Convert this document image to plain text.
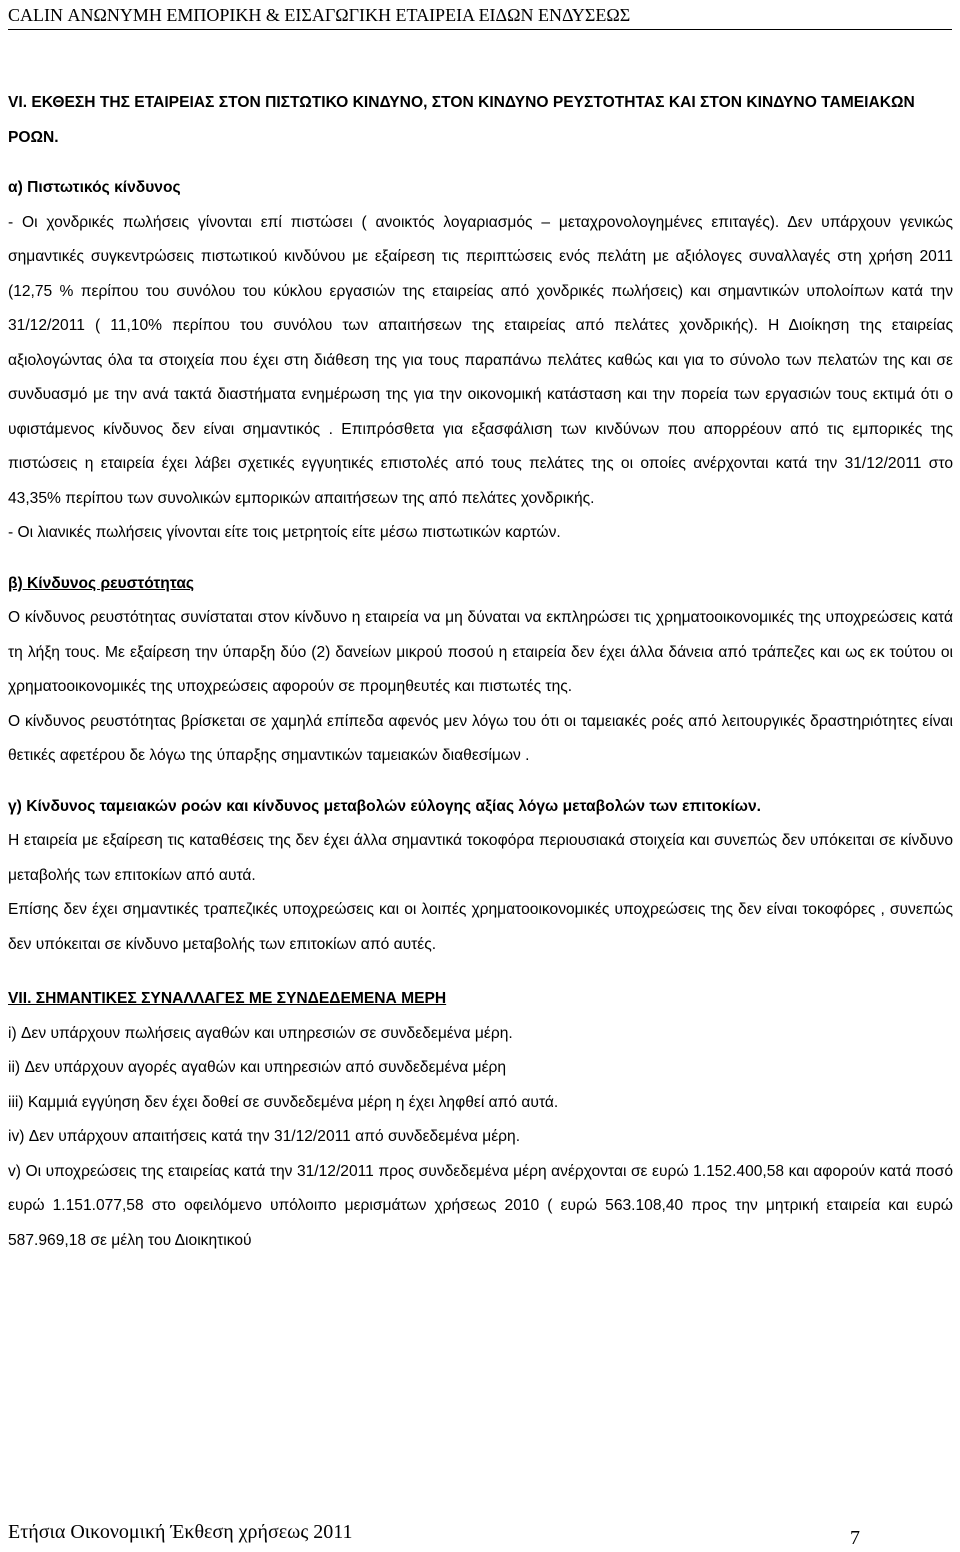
CALIN ΑΝΩΝΥΜΗ ΕΜΠΟΡΙΚΗ & ΕΙΣΑΓΩΓΙΚΗ ΕΤΑΙΡΕΙΑ ΕΙΔΩΝ ΕΝΔΥΣΕΩΣ

VI. ΕΚΘΕΣΗ ΤΗΣ ΕΤΑΙΡΕΙΑΣ ΣΤΟΝ ΠΙΣΤΩΤΙΚΟ ΚΙΝΔΥΝΟ, ΣΤΟΝ ΚΙΝΔΥΝΟ ΡΕΥΣΤΟΤΗΤΑΣ ΚΑΙ ΣΤΟΝ ΚΙΝΔΥΝΟ ΤΑΜΕΙΑΚΩΝ ΡΟΩΝ.

α) Πιστωτικός κίνδυνος

- Οι χονδρικές πωλήσεις γίνονται επί πιστώσει ( ανοικτός λογαριασμός – μεταχρονολογημένες επιταγές). Δεν υπάρχουν γενικώς σημαντικές συγκεντρώσεις πιστωτικού κινδύνου με εξαίρεση τις περιπτώσεις ενός πελάτη με αξιόλογες συναλλαγές στη χρήση 2011 (12,75 % περίπου του συνόλου του κύκλου εργασιών της εταιρείας από χονδρικές πωλήσεις) και σημαντικών υπολοίπων κατά την 31/12/2011 ( 11,10% περίπου του συνόλου των απαιτήσεων της εταιρείας από πελάτες χονδρικής). Η Διοίκηση της εταιρείας αξιολογώντας όλα τα στοιχεία που έχει στη διάθεση της για τους παραπάνω πελάτες καθώς και για το σύνολο των πελατών της και σε συνδυασμό με την ανά τακτά διαστήματα ενημέρωση της για την οικονομική κατάσταση και την πορεία των εργασιών τους εκτιμά ότι ο υφιστάμενος κίνδυνος δεν είναι σημαντικός . Επιπρόσθετα για εξασφάλιση των κινδύνων που απορρέουν από τις εμπορικές της πιστώσεις η εταιρεία έχει λάβει σχετικές εγγυητικές επιστολές από τους πελάτες της οι οποίες ανέρχονται κατά την 31/12/2011 στο 43,35% περίπου των συνολικών εμπορικών απαιτήσεων της από πελάτες χονδρικής.

- Οι λιανικές πωλήσεις γίνονται είτε τοις μετρητοίς είτε μέσω πιστωτικών καρτών.

β) Κίνδυνος ρευστότητας

Ο κίνδυνος ρευστότητας συνίσταται στον κίνδυνο η εταιρεία να μη δύναται να εκπληρώσει τις χρηματοοικονομικές της υποχρεώσεις κατά τη λήξη τους. Με εξαίρεση την ύπαρξη δύο (2) δανείων μικρού ποσού η εταιρεία δεν έχει άλλα δάνεια από τράπεζες και ως εκ τούτου οι χρηματοοικονομικές της υποχρεώσεις αφορούν σε προμηθευτές και πιστωτές της.

Ο κίνδυνος ρευστότητας βρίσκεται σε χαμηλά επίπεδα αφενός μεν λόγω του ότι οι ταμειακές ροές από λειτουργικές δραστηριότητες είναι θετικές αφετέρου δε λόγω της ύπαρξης σημαντικών ταμειακών διαθεσίμων .

γ) Κίνδυνος ταμειακών ροών και κίνδυνος μεταβολών εύλογης αξίας λόγω μεταβολών των επιτοκίων.

Η εταιρεία με εξαίρεση τις καταθέσεις της δεν έχει άλλα σημαντικά τοκοφόρα περιουσιακά στοιχεία και συνεπώς δεν υπόκειται σε κίνδυνο μεταβολής των επιτοκίων από αυτά.

Επίσης δεν έχει σημαντικές τραπεζικές υποχρεώσεις και οι λοιπές χρηματοοικονομικές υποχρεώσεις της δεν είναι τοκοφόρες , συνεπώς δεν υπόκειται σε κίνδυνο μεταβολής των επιτοκίων από αυτές.

VII. ΣΗΜΑΝΤΙΚΕΣ ΣΥΝΑΛΛΑΓΕΣ ΜΕ ΣΥΝΔΕΔΕΜΕΝΑ ΜΕΡΗ

i) Δεν υπάρχουν πωλήσεις αγαθών και υπηρεσιών σε συνδεδεμένα μέρη.

ii) Δεν υπάρχουν αγορές αγαθών και υπηρεσιών από συνδεδεμένα μέρη

iii) Καμμιά εγγύηση δεν έχει δοθεί σε συνδεδεμένα μέρη η έχει ληφθεί από αυτά.

iv) Δεν υπάρχουν απαιτήσεις κατά την 31/12/2011 από συνδεδεμένα μέρη.

v) Οι υποχρεώσεις της εταιρείας κατά την 31/12/2011 προς συνδεδεμένα μέρη ανέρχονται σε ευρώ 1.152.400,58 και αφορούν κατά ποσό ευρώ 1.151.077,58 στο οφειλόμενο υπόλοιπο μερισμάτων χρήσεως 2010 ( ευρώ 563.108,40 προς την μητρική εταιρεία και ευρώ 587.969,18 σε μέλη του Διοικητικού

Ετήσια Οικονομική Έκθεση χρήσεως 2011	7
